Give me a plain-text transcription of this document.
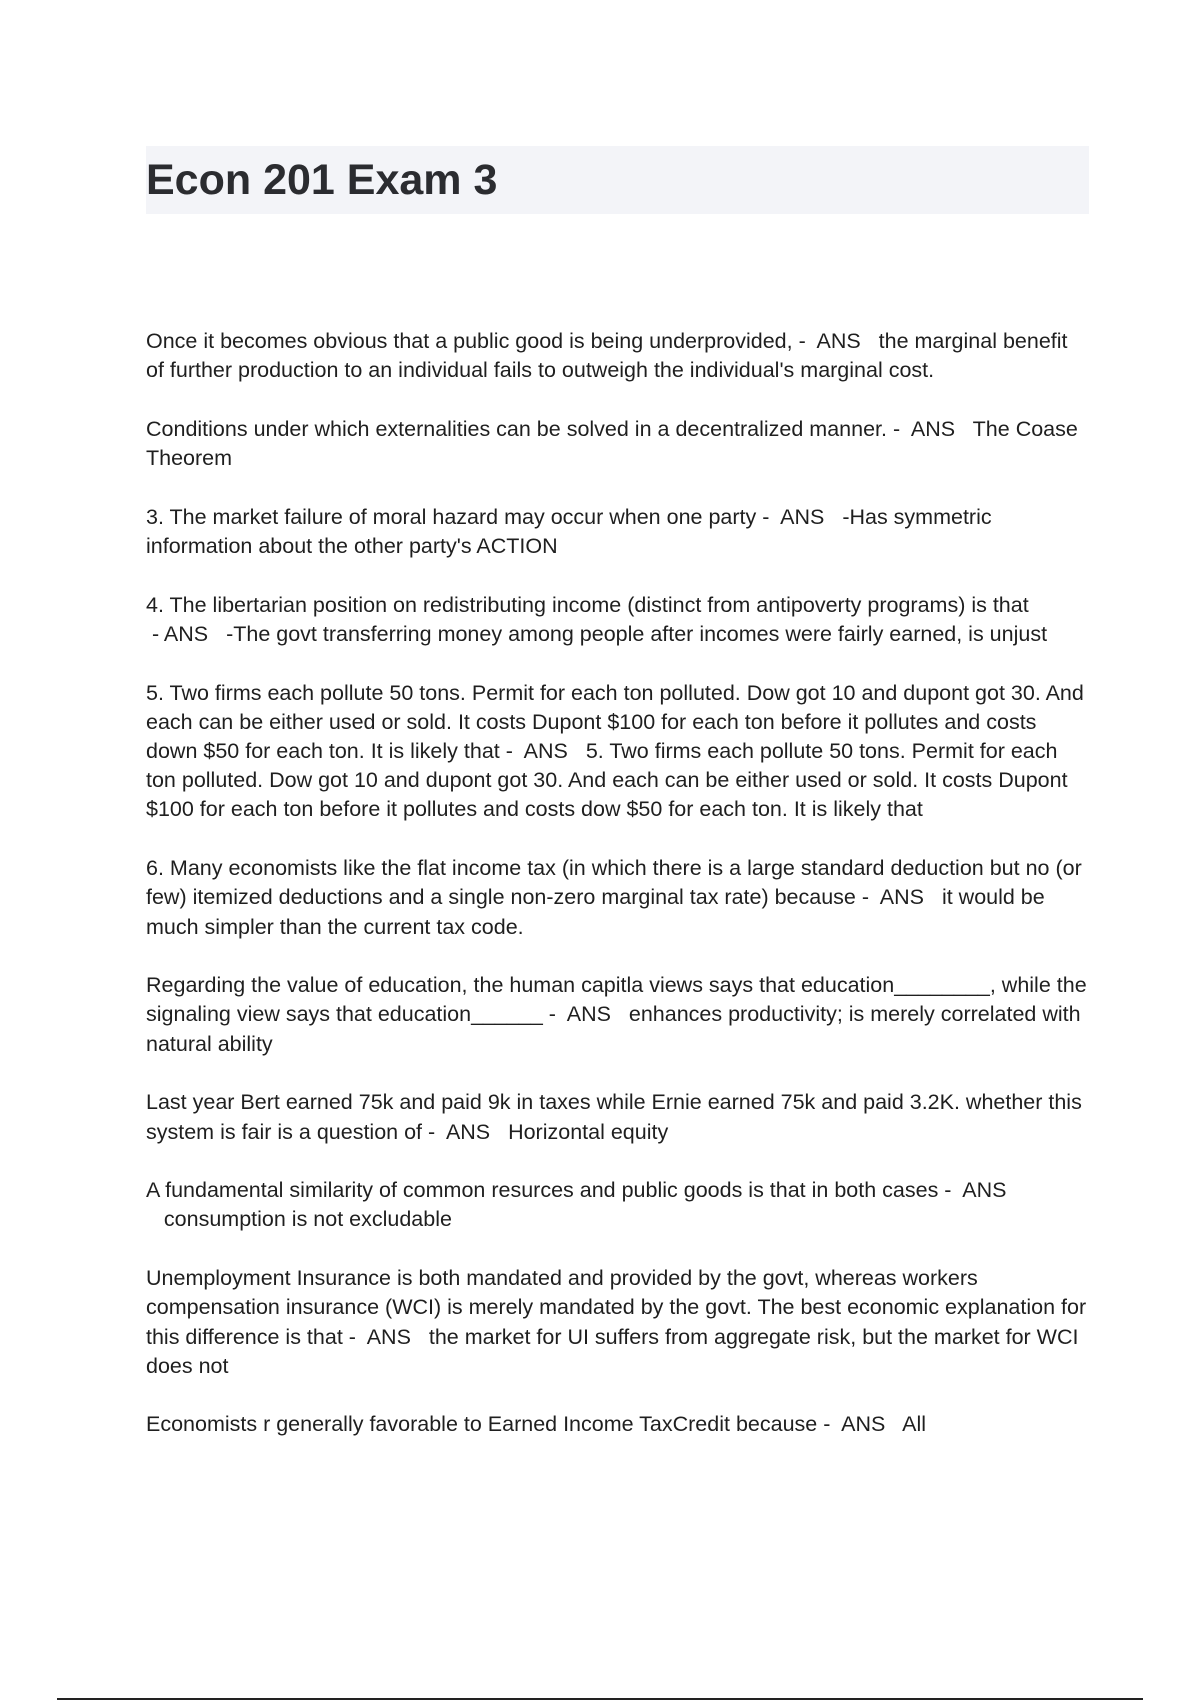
Econ 201 Exam 3

Once it becomes obvious that a public good is being underprovided, -  ANS the marginal benefit of further production to an individual fails to outweigh the individual's marginal cost.

Conditions under which externalities can be solved in a decentralized manner. -  ANS The Coase Theorem

3. The market failure of moral hazard may occur when one party -  ANS -Has symmetric information about the other party's ACTION

4. The libertarian position on redistributing income (distinct from antipoverty programs) is that - ANS -The govt transferring money among people after incomes were fairly earned, is unjust

5. Two firms each pollute 50 tons. Permit for each ton polluted. Dow got 10 and dupont got 30. And each can be either used or sold. It costs Dupont $100 for each ton before it pollutes and costs down $50 for each ton. It is likely that -  ANS 5. Two firms each pollute 50 tons. Permit for each ton polluted. Dow got 10 and dupont got 30. And each can be either used or sold. It costs Dupont $100 for each ton before it pollutes and costs dow $50 for each ton. It is likely that

6. Many economists like the flat income tax (in which there is a large standard deduction but no (or few) itemized deductions and a single non-zero marginal tax rate) because -  ANS it would be much simpler than the current tax code.

Regarding the value of education, the human capitla views says that education________, while the signaling view says that education______ -  ANS enhances productivity; is merely correlated with natural ability

Last year Bert earned 75k and paid 9k in taxes while Ernie earned 75k and paid 3.2K. whether this system is fair is a question of -  ANS Horizontal equity

A fundamental similarity of common resurces and public goods is that in both cases -  ANS   consumption is not excludable

Unemployment Insurance is both mandated and provided by the govt, whereas workers compensation insurance (WCI) is merely mandated by the govt. The best economic explanation for this difference is that -  ANS the market for UI suffers from aggregate risk, but the market for WCI does not

Economists r generally favorable to Earned Income TaxCredit because -  ANS All
